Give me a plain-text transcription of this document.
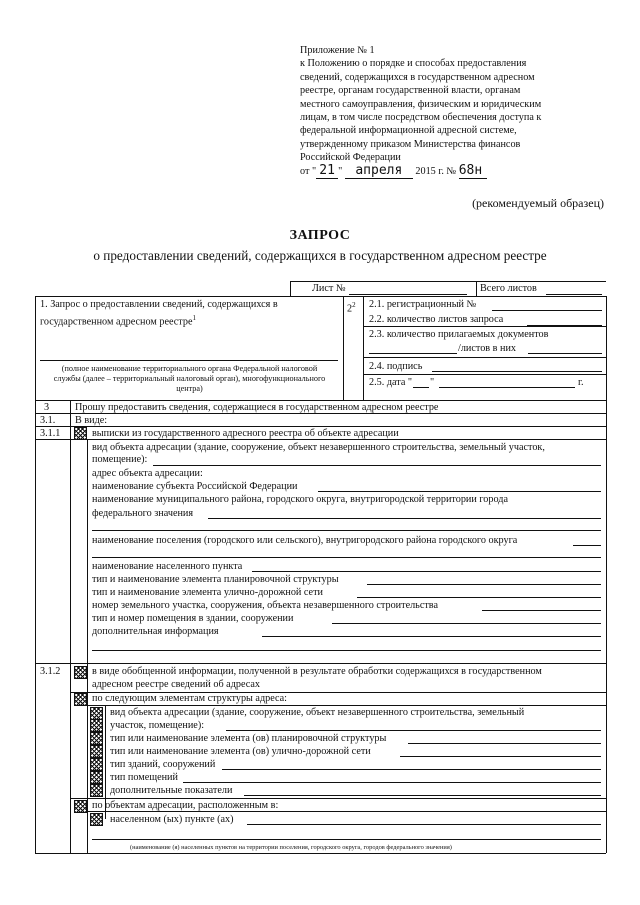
Приложение № 1
к Положению о порядке и способах предоставления
сведений, содержащихся в государственном адресном
реестре, органам государственной власти, органам
местного самоуправления, физическим и юридическим
лицам, в том числе посредством обеспечения доступа к
федеральной информационной адресной системе,
утвержденному приказом Министерства финансов
Российской Федерации
от " 21 " апреля 2015 г. № 68н
(рекомендуемый образец)
ЗАПРОС
о предоставлении сведений, содержащихся в государственном адресном реестре
Лист №	Всего листов
1. Запрос о предоставлении сведений, содержащихся в государственном адресном реестре$^1$
(полное наименование территориального органа Федеральной налоговой службы (далее – территориальный налоговый орган), многофункционального центра)
$2^2$ 2.1. регистрационный №
2.2. количество листов запроса
2.3. количество прилагаемых документов
/листов в них
2.4. подпись
2.5. дата " "	г.
3	Прошу предоставить сведения, содержащиеся в государственном адресном реестре
3.1. В виде:
3.1.1	выписки из государственного адресного реестра об объекте адресации
вид объекта адресации (здание, сооружение, объект незавершенного строительства, земельный участок,
помещение):
адрес объекта адресации:
наименование субъекта Российской Федерации
наименование муниципального района, городского округа, внутригородской территории города
федерального значения
наименование поселения (городского или сельского), внутригородского района городского округа
наименование населенного пункта
тип и наименование элемента планировочной структуры
тип и наименование элемента улично-дорожной сети
номер земельного участка, сооружения, объекта незавершенного строительства
тип и номер помещения в здании, сооружении
дополнительная информация
3.1.2	в виде обобщенной информации, полученной в результате обработки содержащихся в государственном
адресном реестре сведений об адресах
по следующим элементам структуры адреса:
вид объекта адресации (здание, сооружение, объект незавершенного строительства, земельный
участок, помещение):
тип или наименование элемента (ов) планировочной структуры
тип или наименование элемента (ов) улично-дорожной сети
тип зданий, сооружений
тип помещений
дополнительные показатели
по объектам адресации, расположенным в:
населенном (ых) пункте (ах)
(наименование (я) населенных пунктов на территории поселения, городского округа, городов федерального значения)
